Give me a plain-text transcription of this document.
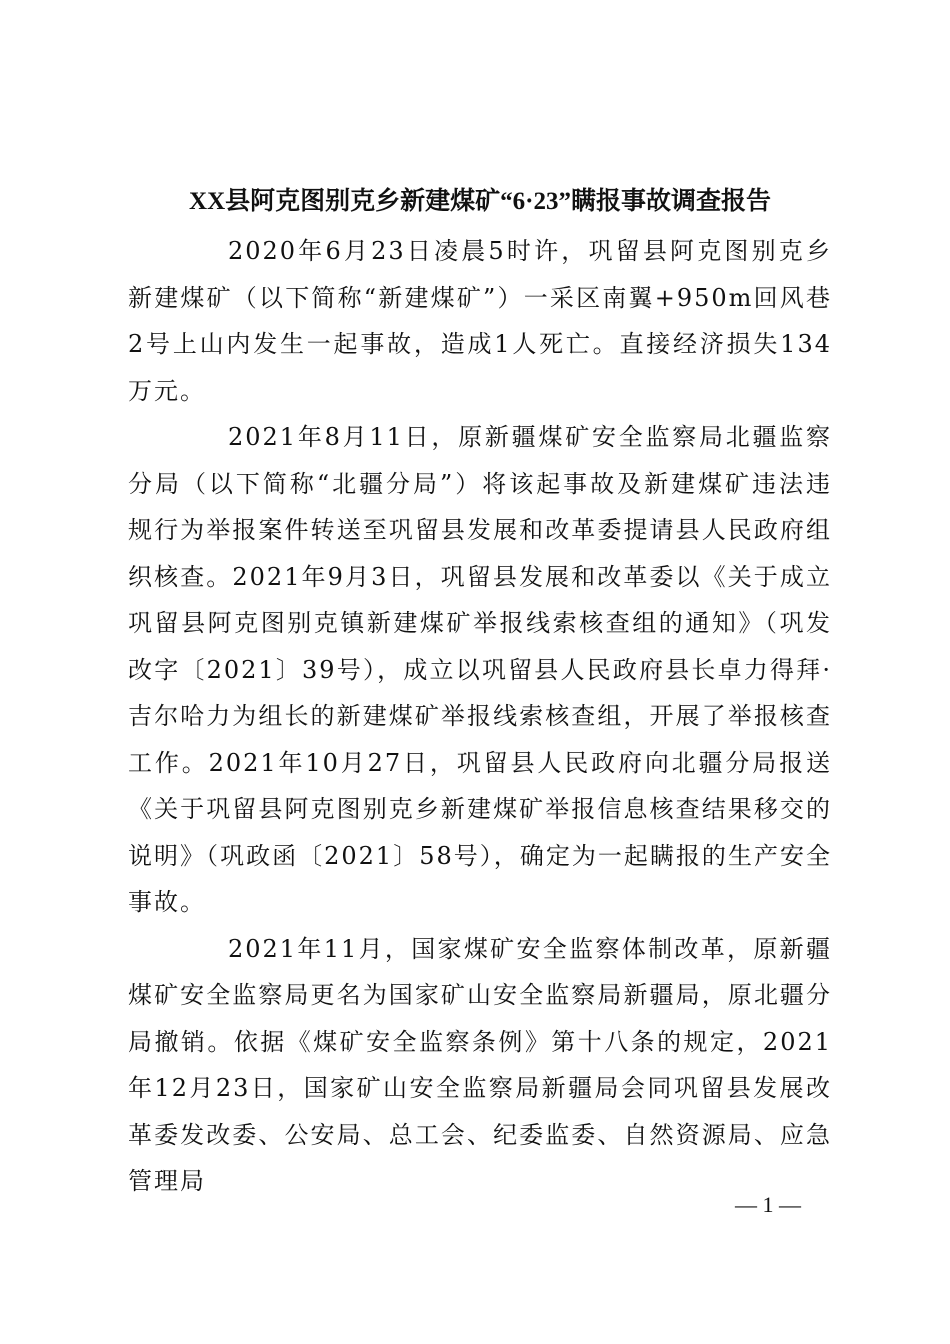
XX县阿克图别克乡新建煤矿“6·23”瞒报事故调查报告

2020年6月23日凌晨5时许，巩留县阿克图别克乡新建煤矿（以下简称“新建煤矿”）一采区南翼+950m回风巷2号上山内发生一起事故，造成1人死亡。直接经济损失134万元。

2021年8月11日，原新疆煤矿安全监察局北疆监察分局（以下简称“北疆分局”）将该起事故及新建煤矿违法违规行为举报案件转送至巩留县发展和改革委提请县人民政府组织核查。2021年9月3日，巩留县发展和改革委以《关于成立巩留县阿克图别克镇新建煤矿举报线索核查组的通知》（巩发改字〔2021〕39号），成立以巩留县人民政府县长卓力得拜·吉尔哈力为组长的新建煤矿举报线索核查组，开展了举报核查工作。2021年10月27日，巩留县人民政府向北疆分局报送《关于巩留县阿克图别克乡新建煤矿举报信息核查结果移交的说明》（巩政函〔2021〕58号），确定为一起瞒报的生产安全事故。

2021年11月，国家煤矿安全监察体制改革，原新疆煤矿安全监察局更名为国家矿山安全监察局新疆局，原北疆分局撤销。依据《煤矿安全监察条例》第十八条的规定，2021年12月23日，国家矿山安全监察局新疆局会同巩留县发展改革委发改委、公安局、总工会、纪委监委、自然资源局、应急管理局

— 1 —
